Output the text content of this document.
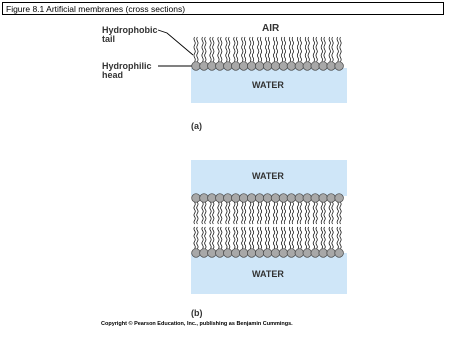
Figure 8.1 Artificial membranes (cross sections)
AIR
WATER
Hydrophobic tail
Hydrophilic head
(a)
WATER
WATER
(b)
Copyright © Pearson Education, Inc., publishing as Benjamin Cummings.
